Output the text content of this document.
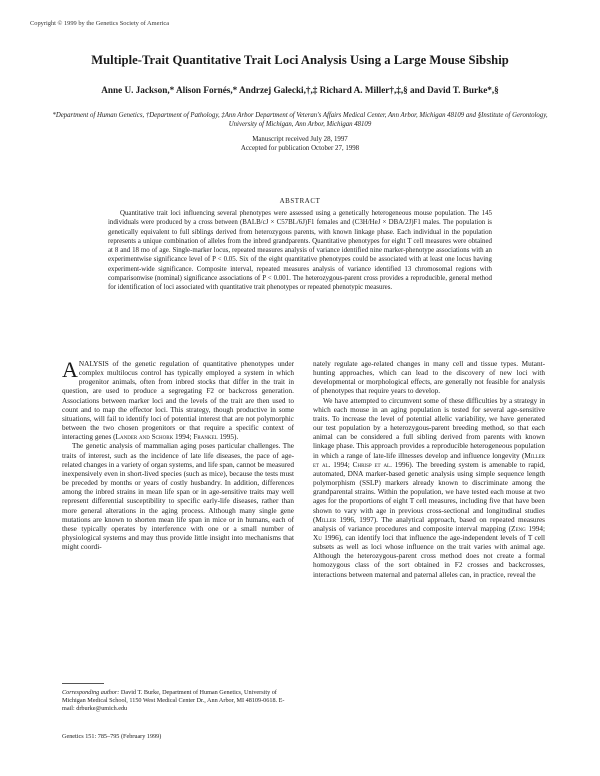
Copyright © 1999 by the Genetics Society of America
Multiple-Trait Quantitative Trait Loci Analysis Using a Large Mouse Sibship
Anne U. Jackson,* Alison Fornés,* Andrzej Galecki,†,‡ Richard A. Miller†,‡,§ and David T. Burke*,§
*Department of Human Genetics, †Department of Pathology, ‡Ann Arbor Department of Veteran's Affairs Medical Center, Ann Arbor, Michigan 48109 and §Institute of Gerontology, University of Michigan, Ann Arbor, Michigan 48109
Manuscript received July 28, 1997
Accepted for publication October 27, 1998
ABSTRACT

Quantitative trait loci influencing several phenotypes were assessed using a genetically heterogeneous mouse population. The 145 individuals were produced by a cross between (BALB/cJ × C57BL/6J)F1 females and (C3H/HeJ × DBA/2J)F1 males. The population is genetically equivalent to full siblings derived from heterozygous parents, with known linkage phase. Each individual in the population represents a unique combination of alleles from the inbred grandparents. Quantitative phenotypes for eight T cell measures were obtained at 8 and 18 mo of age. Single-marker locus, repeated measures analysis of variance identified nine marker-phenotype associations with an experimentwise significance level of P < 0.05. Six of the eight quantitative phenotypes could be associated with at least one locus having experiment-wide significance. Composite interval, repeated measures analysis of variance identified 13 chromosomal regions with comparisonwise (nominal) significance associations of P < 0.001. The heterozygous-parent cross provides a reproducible, general method for identification of loci associated with quantitative trait phenotypes or repeated phenotypic measures.

ANALYSIS of the genetic regulation of quantitative phenotypes under complex multilocus control has typically employed a system in which progenitor animals, often from inbred stocks that differ in the trait in question, are used to produce a segregating F2 or backcross generation. Associations between marker loci and the levels of the trait are then used to count and to map the effector loci. This strategy, though productive in some situations, will fail to identify loci of potential interest that are not polymorphic between the two chosen progenitors or that require a specific context of interacting genes (Lander and Schork 1994; Frankel 1995).

The genetic analysis of mammalian aging poses particular challenges. The traits of interest, such as the incidence of late life diseases, the pace of age-related changes in a variety of organ systems, and life span, cannot be measured inexpensively even in short-lived species (such as mice), because the tests must be preceded by months or years of costly husbandry. In addition, differences among the inbred strains in mean life span or in age-sensitive traits may well represent differential susceptibility to specific early-life diseases, rather than more general alterations in the aging process. Although many single gene mutations are known to shorten mean life span in mice or in humans, each of these typically operates by interference with one or a small number of physiological systems and may thus provide little insight into mechanisms that might coordi-

nately regulate age-related changes in many cell and tissue types. Mutant-hunting approaches, which can lead to the discovery of new loci with developmental or morphological effects, are generally not feasible for analysis of phenotypes that require years to develop.

We have attempted to circumvent some of these difficulties by a strategy in which each mouse in an aging population is tested for several age-sensitive traits. To increase the level of potential allelic variability, we have generated our test population by a heterozygous-parent breeding method, so that each animal can be considered a full sibling derived from parents with known linkage phase. This approach provides a reproducible heterogeneous population in which a range of late-life illnesses develop and influence longevity (Miller et al. 1994; Chrisp et al. 1996). The breeding system is amenable to rapid, automated, DNA marker-based genetic analysis using simple sequence length polymorphism (SSLP) markers already known to discriminate among the grandparental strains. Within the population, we have tested each mouse at two ages for the proportions of eight T cell measures, including five that have been shown to vary with age in previous cross-sectional and longitudinal studies (Miller 1996, 1997). The analytical approach, based on repeated measures analysis of variance procedures and composite interval mapping (Zeng 1994; Xu 1996), can identify loci that influence the age-independent levels of T cell subsets as well as loci whose influence on the trait varies with animal age. Although the heterozygous-parent cross method does not create a formal homozygous class of the sort obtained in F2 crosses and backcrosses, interactions between maternal and paternal alleles can, in practice, reveal the

Corresponding author: David T. Burke, Department of Human Genetics, University of Michigan Medical School, 1150 West Medical Center Dr., Ann Arbor, MI 48109-0618. E-mail: drburke@umich.edu
Genetics 151: 785–795 (February 1999)
